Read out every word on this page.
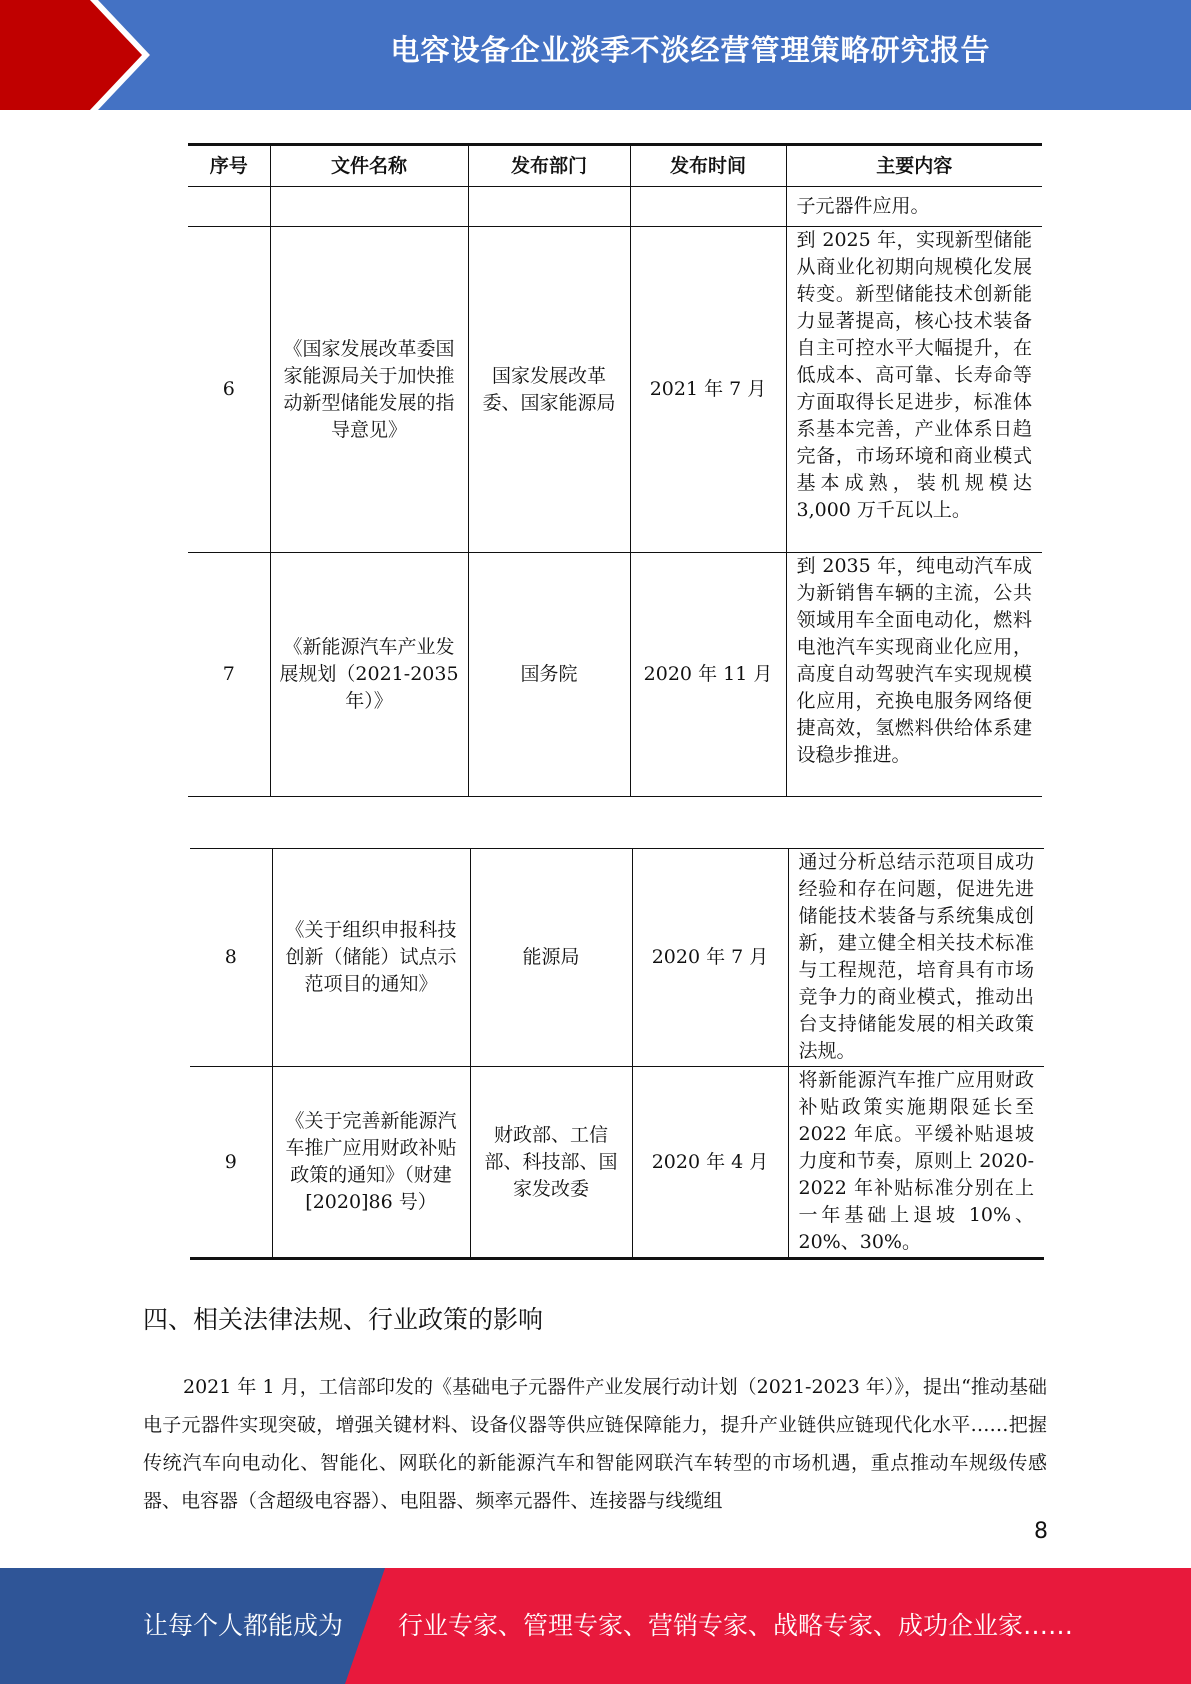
电容设备企业淡季不淡经营管理策略研究报告
序号	文件名称	发布部门	发布时间	主要内容
				子元器件应用。
6	《国家发展改革委国家能源局关于加快推动新型储能发展的指导意见》	国家发展改革委、国家能源局	2021 年 7 月	到 2025 年，实现新型储能从商业化初期向规模化发展转变。新型储能技术创新能力显著提高，核心技术装备自主可控水平大幅提升，在低成本、高可靠、长寿命等方面取得长足进步，标准体系基本完善，产业体系日趋完备，市场环境和商业模式基本成熟，装机规模达 3,000 万千瓦以上。
7	《新能源汽车产业发展规划（2021-2035 年）》	国务院	2020 年 11 月	到 2035 年，纯电动汽车成为新销售车辆的主流，公共领域用车全面电动化，燃料电池汽车实现商业化应用，高度自动驾驶汽车实现规模化应用，充换电服务网络便捷高效，氢燃料供给体系建设稳步推进。
8	《关于组织申报科技创新（储能）试点示范项目的通知》	能源局	2020 年 7 月	通过分析总结示范项目成功经验和存在问题，促进先进储能技术装备与系统集成创新，建立健全相关技术标准与工程规范，培育具有市场竞争力的商业模式，推动出台支持储能发展的相关政策法规。
9	《关于完善新能源汽车推广应用财政补贴政策的通知》（财建[2020]86 号）	财政部、工信部、科技部、国家发改委	2020 年 4 月	将新能源汽车推广应用财政补贴政策实施期限延长至 2022 年底。平缓补贴退坡力度和节奏，原则上 2020-2022 年补贴标准分别在上一年基础上退坡 10%、20%、30%。
四、相关法律法规、行业政策的影响

2021 年 1 月，工信部印发的《基础电子元器件产业发展行动计划（2021-2023 年）》，提出“推动基础电子元器件实现突破，增强关键材料、设备仪器等供应链保障能力，提升产业链供应链现代化水平……把握传统汽车向电动化、智能化、网联化的新能源汽车和智能网联汽车转型的市场机遇，重点推动车规级传感器、电容器（含超级电容器）、电阻器、频率元器件、连接器与线缆组

8
让每个人都能成为 行业专家、管理专家、营销专家、战略专家、成功企业家……
